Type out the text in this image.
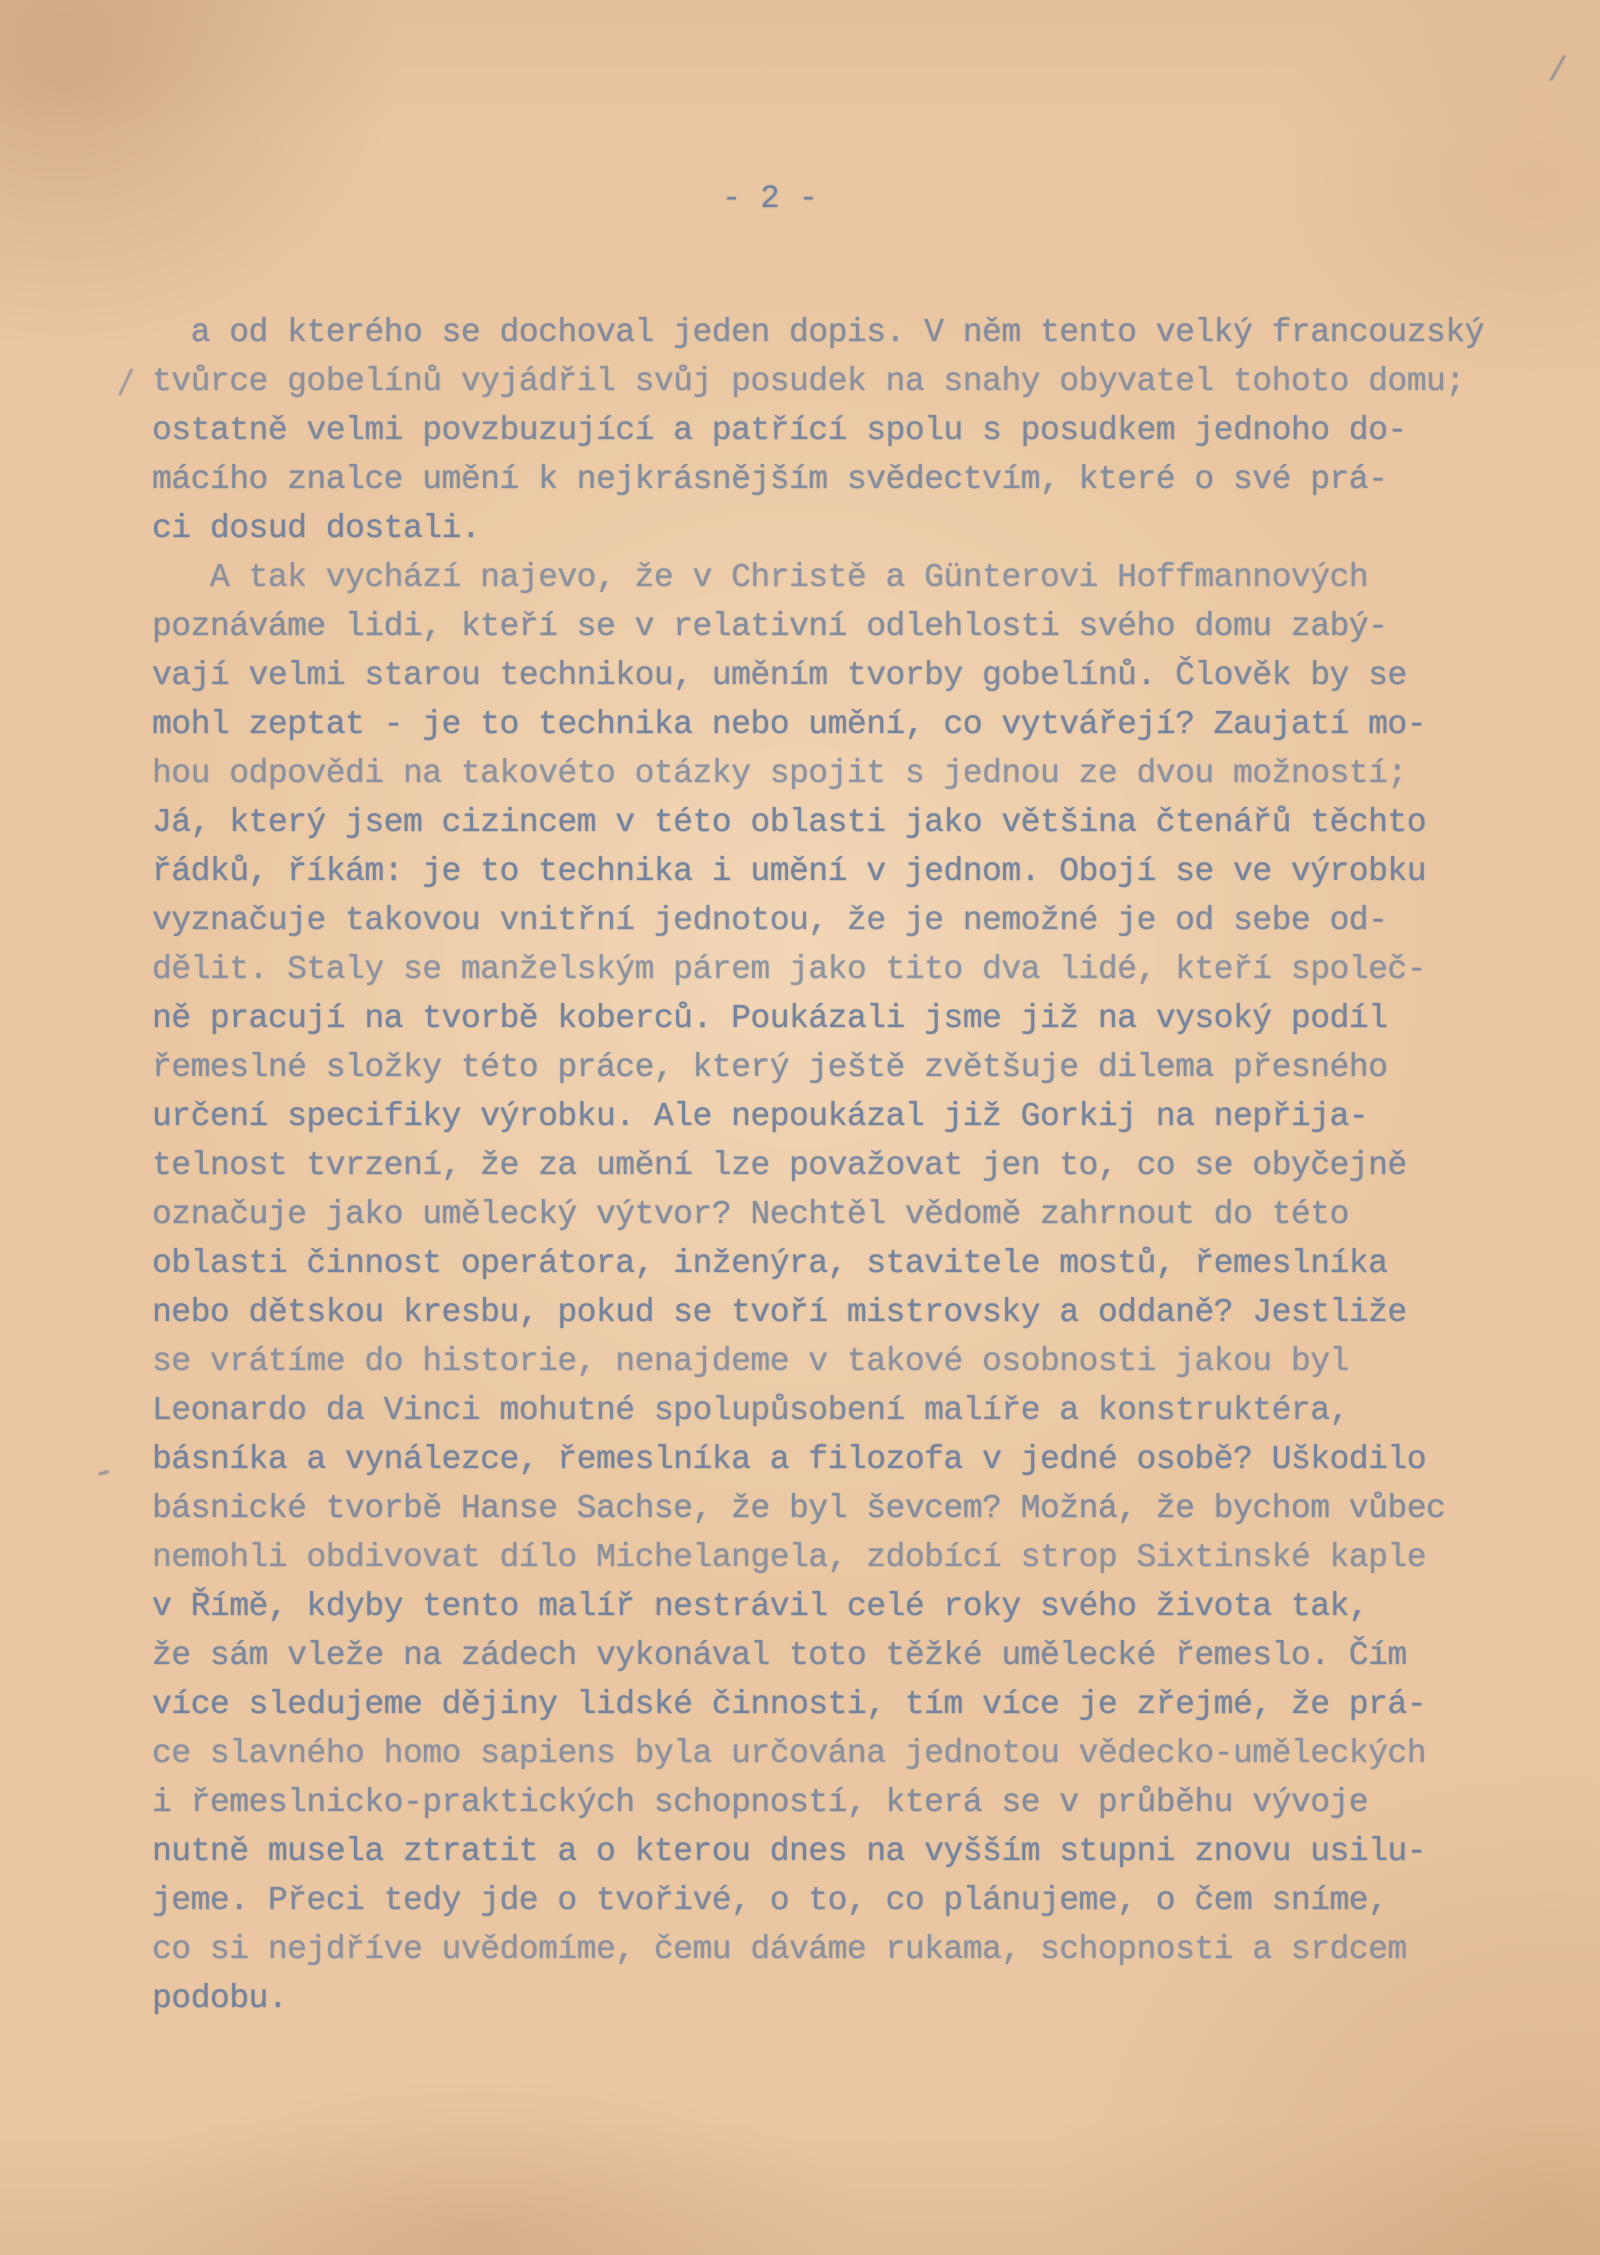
- 2 -
a od kterého se dochoval jeden dopis. V něm tento velký francouzský
tvůrce gobelínů vyjádřil svůj posudek na snahy obyvatel tohoto domu;
ostatně velmi povzbuzující a patřící spolu s posudkem jednoho do-
mácího znalce umění k nejkrásnějším svědectvím, které o své prá-
ci dosud dostali.
A tak vychází najevo, že v Christě a Günterovi Hoffmannových
poznáváme lidi, kteří se v relativní odlehlosti svého domu zabý-
vají velmi starou technikou, uměním tvorby gobelínů. Člověk by se
mohl zeptat - je to technika nebo umění, co vytvářejí? Zaujatí mo-
hou odpovědi na takovéto otázky spojit s jednou ze dvou možností;
Já, který jsem cizincem v této oblasti jako většina čtenářů těchto
řádků, říkám: je to technika i umění v jednom. Obojí se ve výrobku
vyznačuje takovou vnitřní jednotou, že je nemožné je od sebe od-
dělit. Staly se manželským párem jako tito dva lidé, kteří společ-
ně pracují na tvorbě koberců. Poukázali jsme již na vysoký podíl
řemeslné složky této práce, který ještě zvětšuje dilema přesného
určení specifiky výrobku. Ale nepoukázal již Gorkij na nepřija-
telnost tvrzení, že za umění lze považovat jen to, co se obyčejně
označuje jako umělecký výtvor? Nechtěl vědomě zahrnout do této
oblasti činnost operátora, inženýra, stavitele mostů, řemeslníka
nebo dětskou kresbu, pokud se tvoří mistrovsky a oddaně? Jestliže
se vrátíme do historie, nenajdeme v takové osobnosti jakou byl
Leonardo da Vinci mohutné spolupůsobení malíře a konstruktéra,
básníka a vynálezce, řemeslníka a filozofa v jedné osobě? Uškodilo
básnické tvorbě Hanse Sachse, že byl ševcem? Možná, že bychom vůbec
nemohli obdivovat dílo Michelangela, zdobící strop Sixtinské kaple
v Římě, kdyby tento malíř nestrávil celé roky svého života tak,
že sám vleže na zádech vykonával toto těžké umělecké řemeslo. Čím
více sledujeme dějiny lidské činnosti, tím více je zřejmé, že prá-
ce slavného homo sapiens byla určována jednotou vědecko-uměleckých
i řemeslnicko-praktických schopností, která se v průběhu vývoje
nutně musela ztratit a o kterou dnes na vyšším stupni znovu usilu-
jeme. Přeci tedy jde o tvořivé, o to, co plánujeme, o čem sníme,
co si nejdříve uvědomíme, čemu dáváme rukama, schopnosti a srdcem
podobu.
/
/
-
